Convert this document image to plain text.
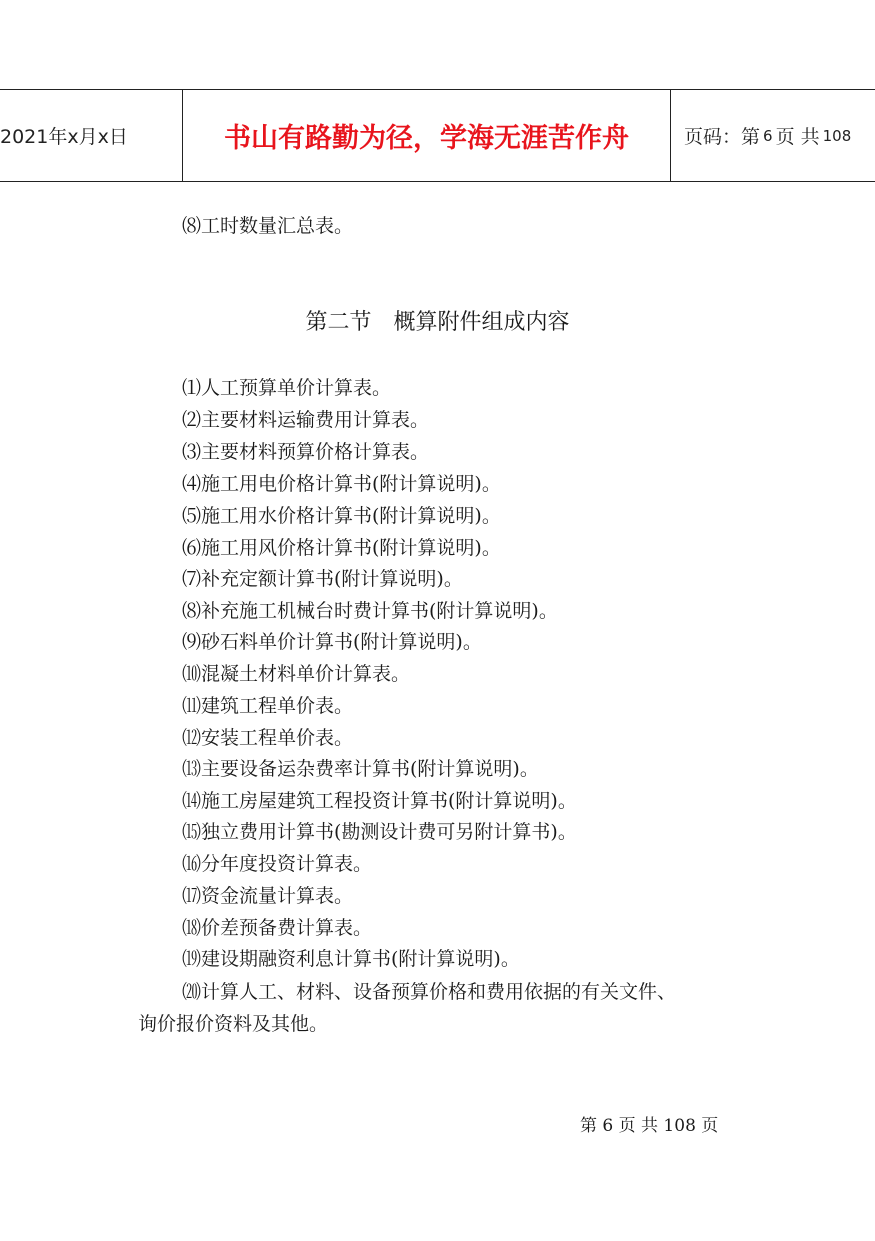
2021年x月x日	书山有路勤为径，学海无涯苦作舟	页码：第 6 页 共 108
⑻工时数量汇总表。
第二节　概算附件组成内容
⑴人工预算单价计算表。
⑵主要材料运输费用计算表。
⑶主要材料预算价格计算表。
⑷施工用电价格计算书(附计算说明)。
⑸施工用水价格计算书(附计算说明)。
⑹施工用风价格计算书(附计算说明)。
⑺补充定额计算书(附计算说明)。
⑻补充施工机械台时费计算书(附计算说明)。
⑼砂石料单价计算书(附计算说明)。
⑽混凝土材料单价计算表。
⑾建筑工程单价表。
⑿安装工程单价表。
⒀主要设备运杂费率计算书(附计算说明)。
⒁施工房屋建筑工程投资计算书(附计算说明)。
⒂独立费用计算书(勘测设计费可另附计算书)。
⒃分年度投资计算表。
⒄资金流量计算表。
⒅价差预备费计算表。
⒆建设期融资利息计算书(附计算说明)。
⒇计算人工、材料、设备预算价格和费用依据的有关文件、
询价报价资料及其他。
第 6 页 共 108 页
